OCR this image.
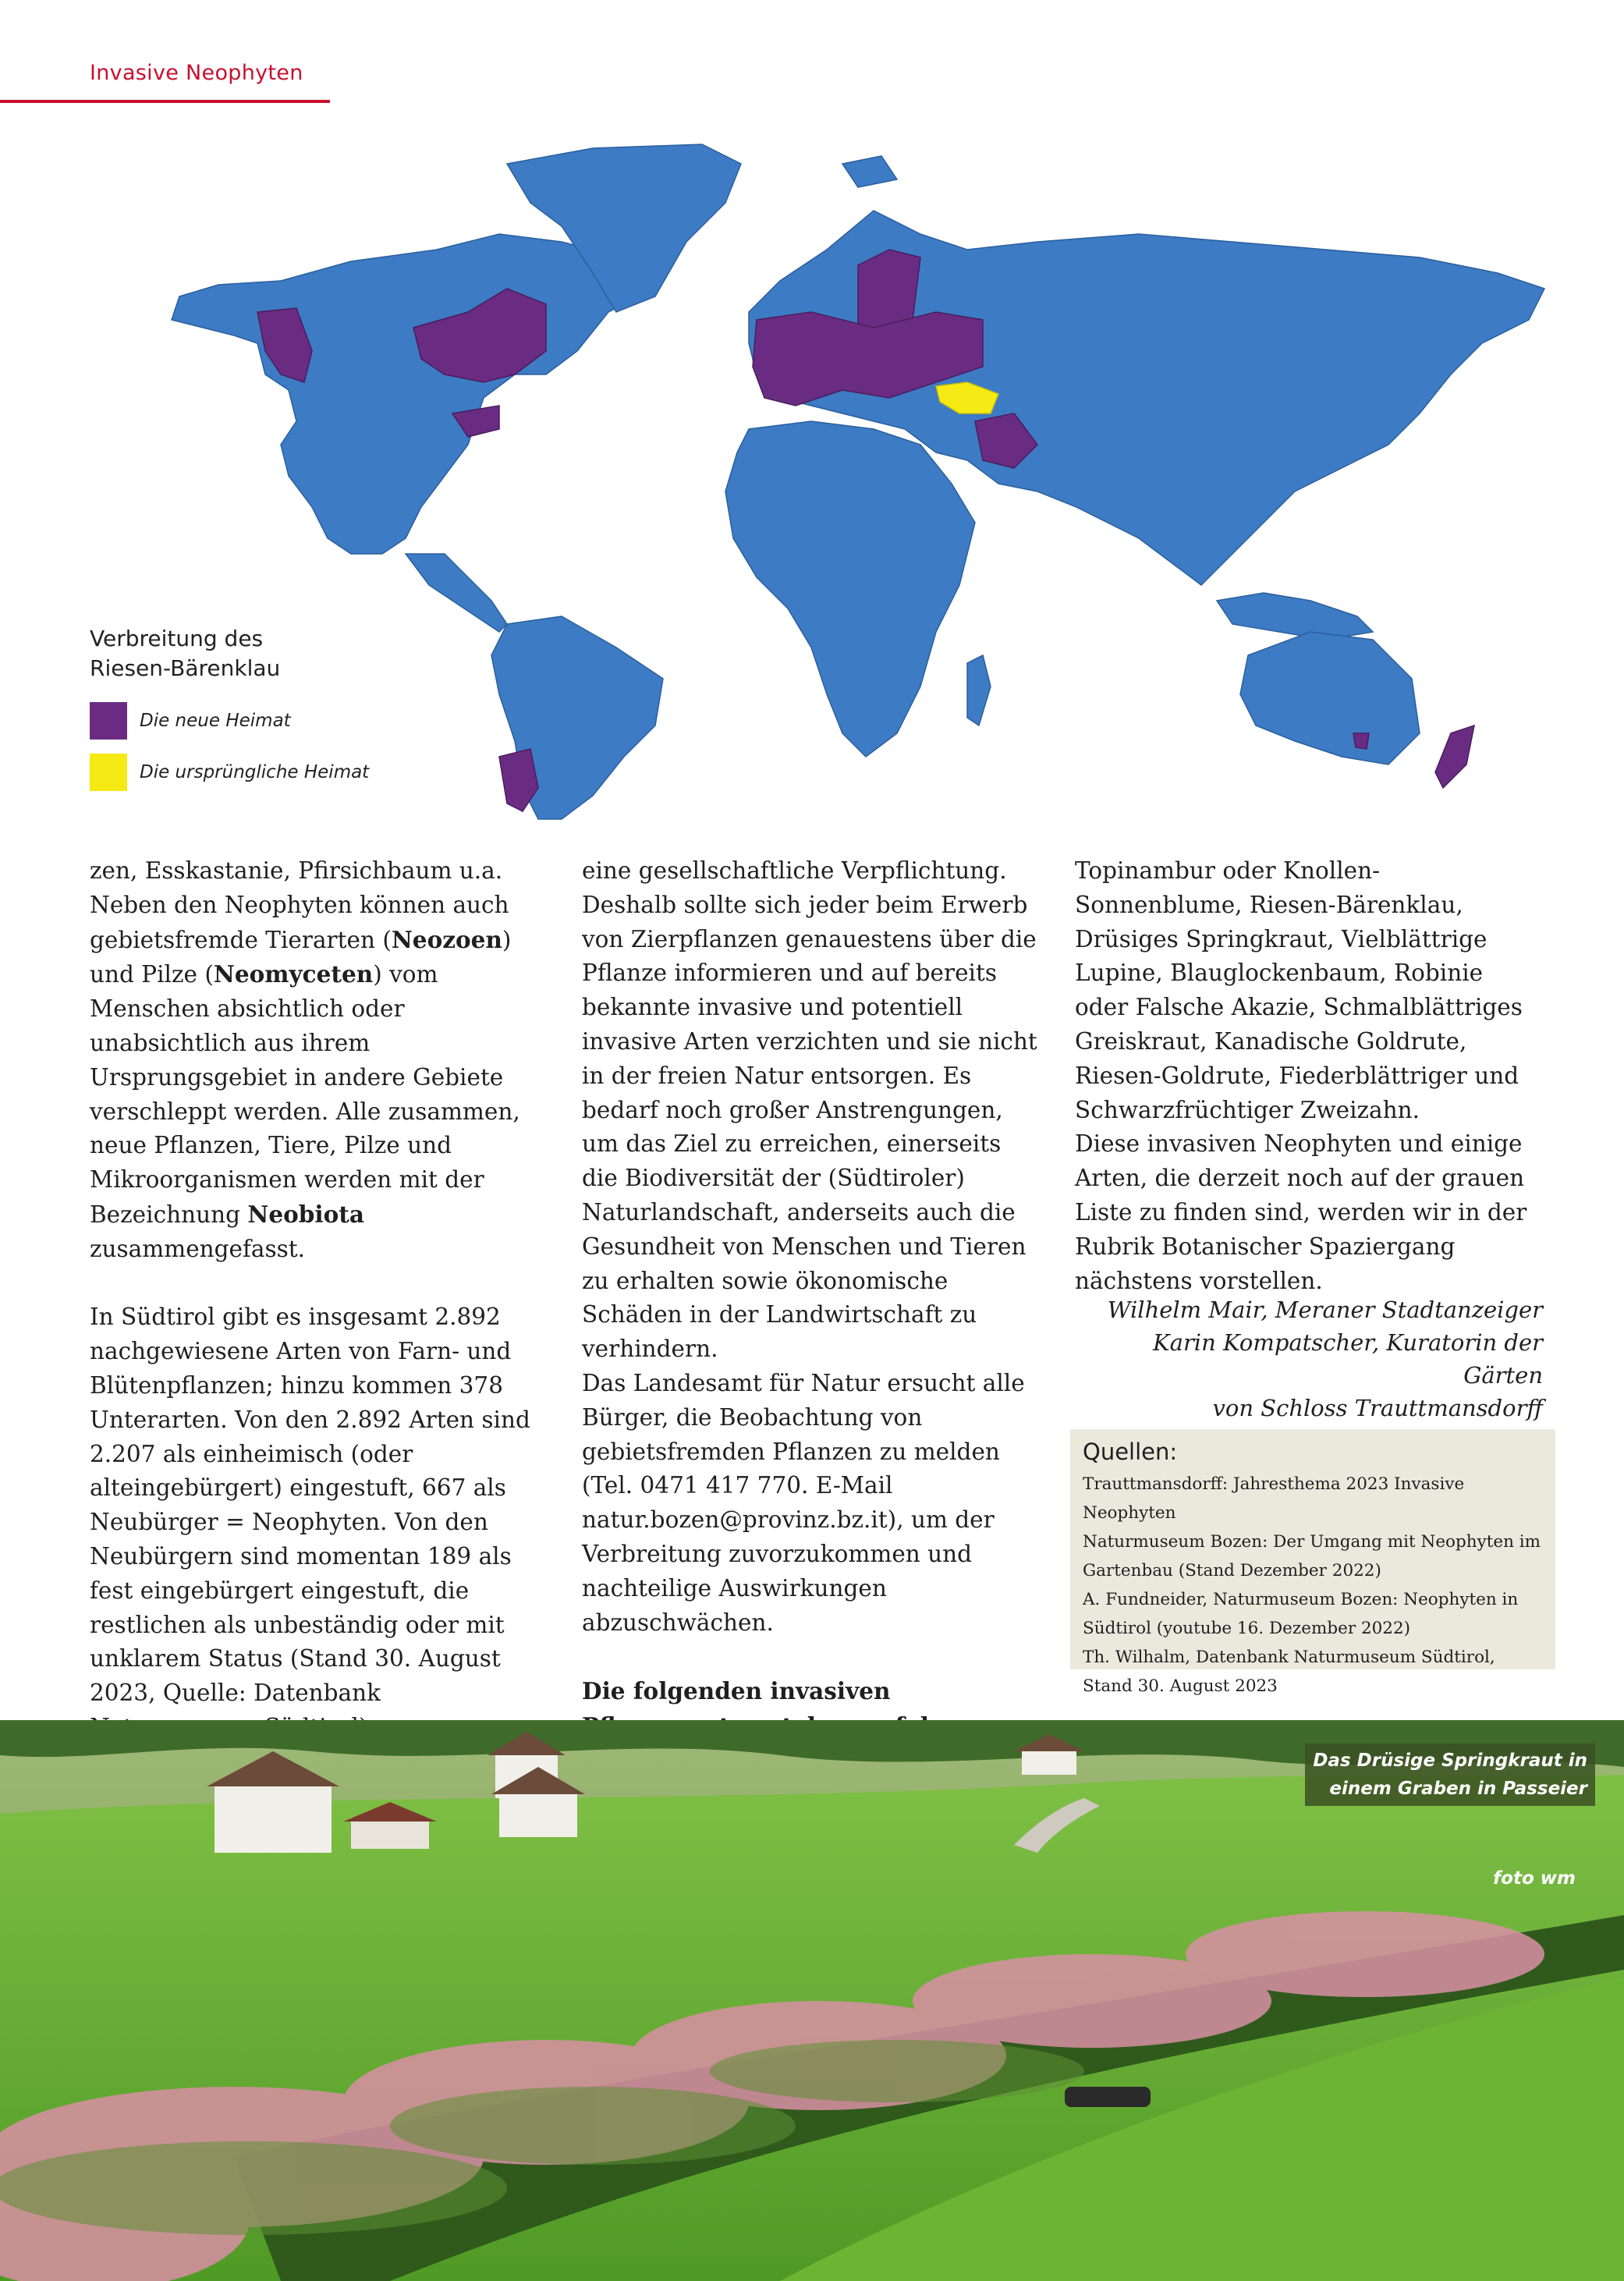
Invasive Neophyten
Verbreitung des
Riesen-Bärenklau
Die neue Heimat
Die ursprüngliche Heimat

zen, Esskastanie, Pfirsichbaum u.a. Neben den Neophyten können auch gebietsfremde Tierarten (Neozoen) und Pilze (Neomyceten) vom Menschen absichtlich oder unabsichtlich aus ihrem Ursprungsgebiet in andere Gebiete verschleppt werden. Alle zusammen, neue Pflanzen, Tiere, Pilze und Mikroorganismen werden mit der Bezeichnung Neobiota zusammengefasst.

In Südtirol gibt es insgesamt 2.892 nachgewiesene Arten von Farn- und Blütenpflanzen; hinzu kommen 378 Unterarten. Von den 2.892 Arten sind 2.207 als einheimisch (oder alteingebürgert) eingestuft, 667 als Neubürger = Neophyten. Von den Neubürgern sind momentan 189 als fest eingebürgert eingestuft, die restlichen als unbeständig oder mit unklarem Status (Stand 30. August 2023, Quelle: Datenbank

eine gesellschaftliche Verpflichtung. Deshalb sollte sich jeder beim Erwerb von Zierpflanzen genauestens über die Pflanze informieren und auf bereits bekannte invasive und potentiell invasive Arten verzichten und sie nicht in der freien Natur entsorgen. Es bedarf noch großer Anstrengungen, um das Ziel zu erreichen, einerseits die Biodiversität der (Südtiroler) Naturlandschaft, anderseits auch die Gesundheit von Menschen und Tieren zu erhalten sowie ökonomische Schäden in der Landwirtschaft zu verhindern.

Das Landesamt für Natur ersucht alle Bürger, die Beobachtung von gebietsfremden Pflanzen zu melden (Tel. 0471 417 770. E-Mail natur.bozen@provinz.bz.it), um der Verbreitung zuvorzukommen und nachteilige Auswirkungen abzuschwächen.

Die folgenden invasiven

Topinambur oder Knollen-Sonnenblume, Riesen-Bärenklau, Drüsiges Springkraut, Vielblättrige Lupine, Blauglockenbaum, Robinie oder Falsche Akazie, Schmalblättriges Greiskraut, Kanadische Goldrute, Riesen-Goldrute, Fiederblättriger und Schwarzfrüchtiger Zweizahn.

Diese invasiven Neophyten und einige Arten, die derzeit noch auf der grauen Liste zu finden sind, werden wir in der Rubrik Botanischer Spaziergang nächstens vorstellen.

Wilhelm Mair, Meraner Stadtanzeiger
Karin Kompatscher, Kuratorin der Gärten
von Schloss Trauttmansdorff
Quellen:
Trauttmansdorff: Jahresthema 2023 Invasive Neophyten
Naturmuseum Bozen: Der Umgang mit Neophyten im
Gartenbau (Stand Dezember 2022)
A. Fundneider, Naturmuseum Bozen: Neophyten in
Südtirol (youtube 16. Dezember 2022)
Th. Wilhalm, Datenbank Naturmuseum Südtirol,
Stand 30. August 2023
Das Drüsige Springkraut in
einem Graben in Passeier
foto wm
